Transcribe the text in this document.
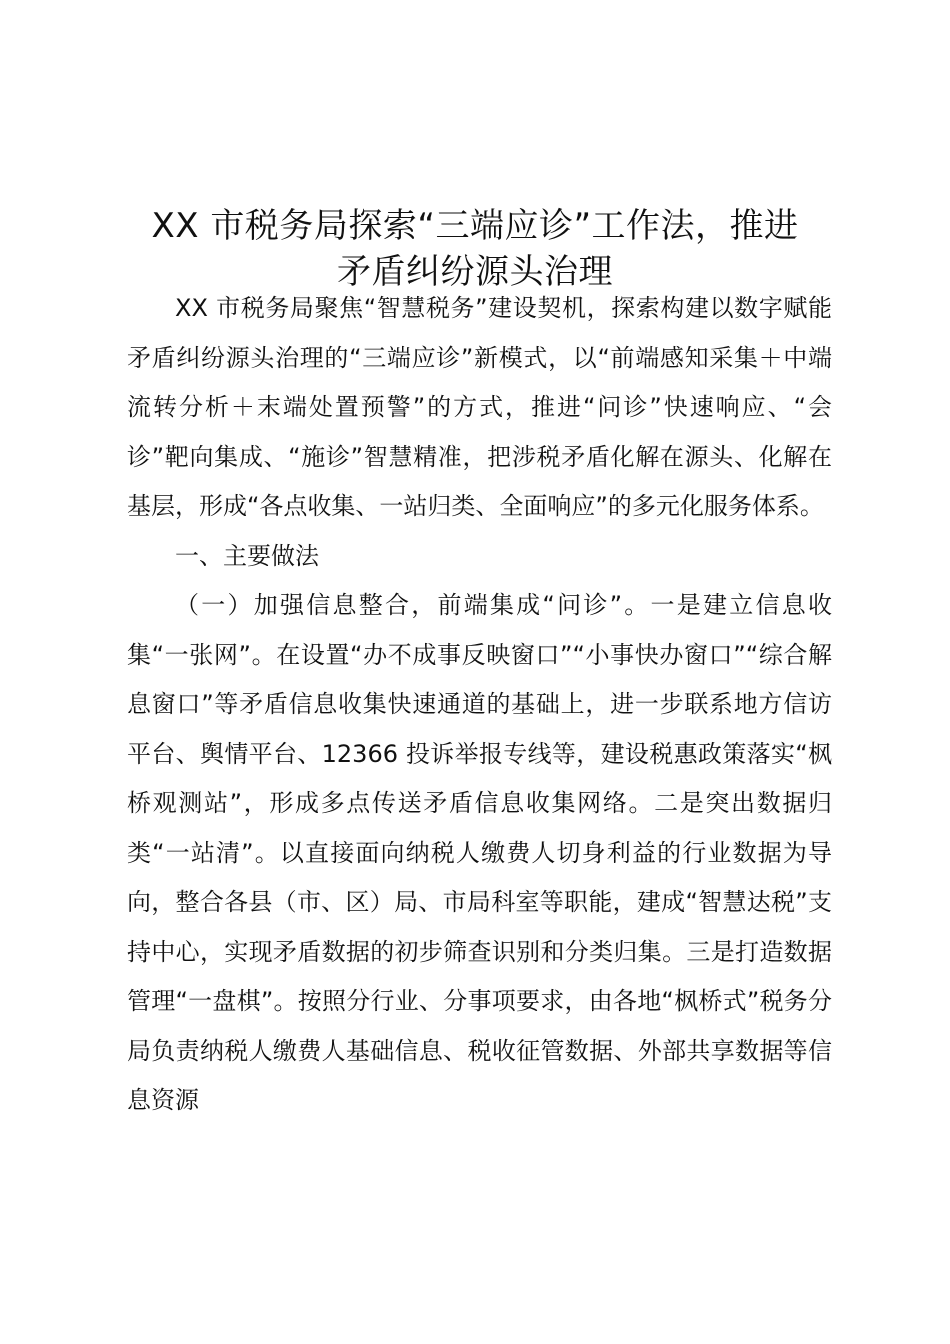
XX 市税务局探索“三端应诊”工作法，推进
矛盾纠纷源头治理

XX 市税务局聚焦“智慧税务”建设契机，探索构建以数字赋能矛盾纠纷源头治理的“三端应诊”新模式，以“前端感知采集＋中端流转分析＋末端处置预警”的方式，推进“问诊”快速响应、“会诊”靶向集成、“施诊”智慧精准，把涉税矛盾化解在源头、化解在基层，形成“各点收集、一站归类、全面响应”的多元化服务体系。

一、主要做法

（一）加强信息整合，前端集成“问诊”。一是建立信息收集“一张网”。在设置“办不成事反映窗口”“小事快办窗口”“综合解息窗口”等矛盾信息收集快速通道的基础上，进一步联系地方信访平台、舆情平台、12366 投诉举报专线等，建设税惠政策落实“枫桥观测站”，形成多点传送矛盾信息收集网络。二是突出数据归类“一站清”。以直接面向纳税人缴费人切身利益的行业数据为导向，整合各县（市、区）局、市局科室等职能，建成“智慧达税”支持中心，实现矛盾数据的初步筛查识别和分类归集。三是打造数据管理“一盘棋”。按照分行业、分事项要求，由各地“枫桥式”税务分局负责纳税人缴费人基础信息、税收征管数据、外部共享数据等信息资源
